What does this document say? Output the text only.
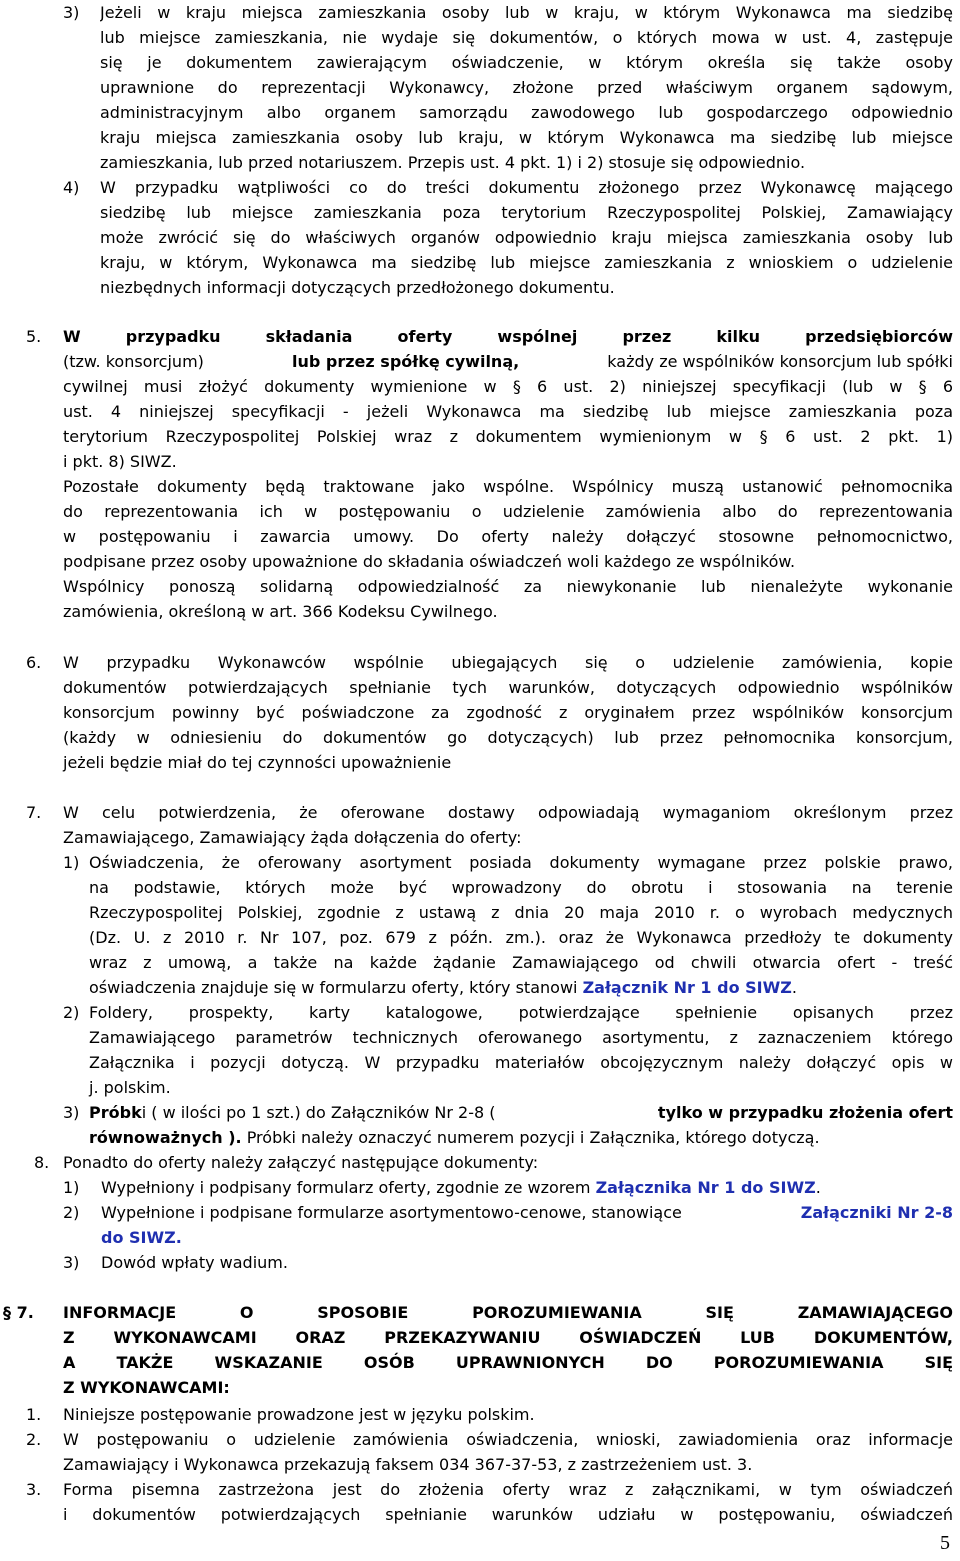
3) Jeżeli w kraju miejsca zamieszkania osoby lub w kraju, w którym Wykonawca ma siedzibę
lub miejsce zamieszkania, nie wydaje się dokumentów, o których mowa w ust. 4, zastępuje
się je dokumentem zawierającym oświadczenie, w którym określa się także osoby
uprawnione do reprezentacji Wykonawcy, złożone przed właściwym organem sądowym,
administracyjnym albo organem samorządu zawodowego lub gospodarczego odpowiednio
kraju miejsca zamieszkania osoby lub kraju, w którym Wykonawca ma siedzibę lub miejsce
zamieszkania, lub przed notariuszem. Przepis ust. 4 pkt. 1) i 2) stosuje się odpowiednio.
4) W przypadku wątpliwości co do treści dokumentu złożonego przez Wykonawcę mającego
siedzibę lub miejsce zamieszkania poza terytorium Rzeczypospolitej Polskiej, Zamawiający
może zwrócić się do właściwych organów odpowiednio kraju miejsca zamieszkania osoby lub
kraju, w którym, Wykonawca ma siedzibę lub miejsce zamieszkania z wnioskiem o udzielenie
niezbędnych informacji dotyczących przedłożonego dokumentu.
5. W przypadku składania oferty wspólnej przez kilku przedsiębiorców
(tzw. konsorcjum)	lub przez spółkę cywilną,	każdy ze wspólników konsorcjum lub spółki
cywilnej musi złożyć dokumenty wymienione w § 6 ust. 2) niniejszej specyfikacji (lub w § 6
ust. 4 niniejszej specyfikacji - jeżeli Wykonawca ma siedzibę lub miejsce zamieszkania poza
terytorium Rzeczypospolitej Polskiej wraz z dokumentem wymienionym w § 6 ust. 2 pkt. 1)
i pkt. 8) SIWZ.
Pozostałe dokumenty będą traktowane jako wspólne. Wspólnicy muszą ustanowić pełnomocnika
do reprezentowania ich w postępowaniu o udzielenie zamówienia albo do reprezentowania
w postępowaniu i zawarcia umowy. Do oferty należy dołączyć stosowne pełnomocnictwo,
podpisane przez osoby upoważnione do składania oświadczeń woli każdego ze wspólników.
Wspólnicy ponoszą solidarną odpowiedzialność za niewykonanie lub nienależyte wykonanie
zamówienia, określoną w art. 366 Kodeksu Cywilnego.
6. W przypadku Wykonawców wspólnie ubiegających się o udzielenie zamówienia, kopie
dokumentów potwierdzających spełnianie tych warunków, dotyczących odpowiednio wspólników
konsorcjum powinny być poświadczone za zgodność z oryginałem przez wspólników konsorcjum
(każdy w odniesieniu do dokumentów go dotyczących) lub przez pełnomocnika konsorcjum,
jeżeli będzie miał do tej czynności upoważnienie
7. W celu potwierdzenia, że oferowane dostawy odpowiadają wymaganiom określonym przez
Zamawiającego, Zamawiający żąda dołączenia do oferty:
1) Oświadczenia, że oferowany asortyment posiada dokumenty wymagane przez polskie prawo,
na podstawie, których może być wprowadzony do obrotu i stosowania na terenie
Rzeczypospolitej Polskiej, zgodnie z ustawą z dnia 20 maja 2010 r. o wyrobach medycznych
(Dz. U. z 2010 r. Nr 107, poz. 679 z późn. zm.). oraz że Wykonawca przedłoży te dokumenty
wraz z umową, a także na każde żądanie Zamawiającego od chwili otwarcia ofert - treść
oświadczenia znajduje się w formularzu oferty, który stanowi Załącznik Nr 1 do SIWZ.
2) Foldery, prospekty, karty katalogowe, potwierdzające spełnienie opisanych przez
Zamawiającego parametrów technicznych oferowanego asortymentu, z zaznaczeniem którego
Załącznika i pozycji dotyczą. W przypadku materiałów obcojęzycznym należy dołączyć opis w
j. polskim.
3) Próbki ( w ilości po 1 szt.) do Załączników Nr 2-8 (	tylko w przypadku złożenia ofert
równoważnych ). Próbki należy oznaczyć numerem pozycji i Załącznika, którego dotyczą.
8. Ponadto do oferty należy załączyć następujące dokumenty:
1) Wypełniony i podpisany formularz oferty, zgodnie ze wzorem Załącznika Nr 1 do SIWZ.
2) Wypełnione i podpisane formularze asortymentowo-cenowe, stanowiące	Załączniki Nr 2-8
do SIWZ.
3) Dowód wpłaty wadium.
§ 7. INFORMACJE O SPOSOBIE POROZUMIEWANIA SIĘ ZAMAWIAJĄCEGO
Z WYKONAWCAMI ORAZ PRZEKAZYWANIU OŚWIADCZEŃ LUB DOKUMENTÓW,
A TAKŻE WSKAZANIE OSÓB UPRAWNIONYCH DO POROZUMIEWANIA SIĘ
Z WYKONAWCAMI:
1. Niniejsze postępowanie prowadzone jest w języku polskim.
2. W postępowaniu o udzielenie zamówienia oświadczenia, wnioski, zawiadomienia oraz informacje
Zamawiający i Wykonawca przekazują faksem 034 367-37-53, z zastrzeżeniem ust. 3.
3. Forma pisemna zastrzeżona jest do złożenia oferty wraz z załącznikami, w tym oświadczeń
i dokumentów potwierdzających spełnianie warunków udziału w postępowaniu, oświadczeń
5
